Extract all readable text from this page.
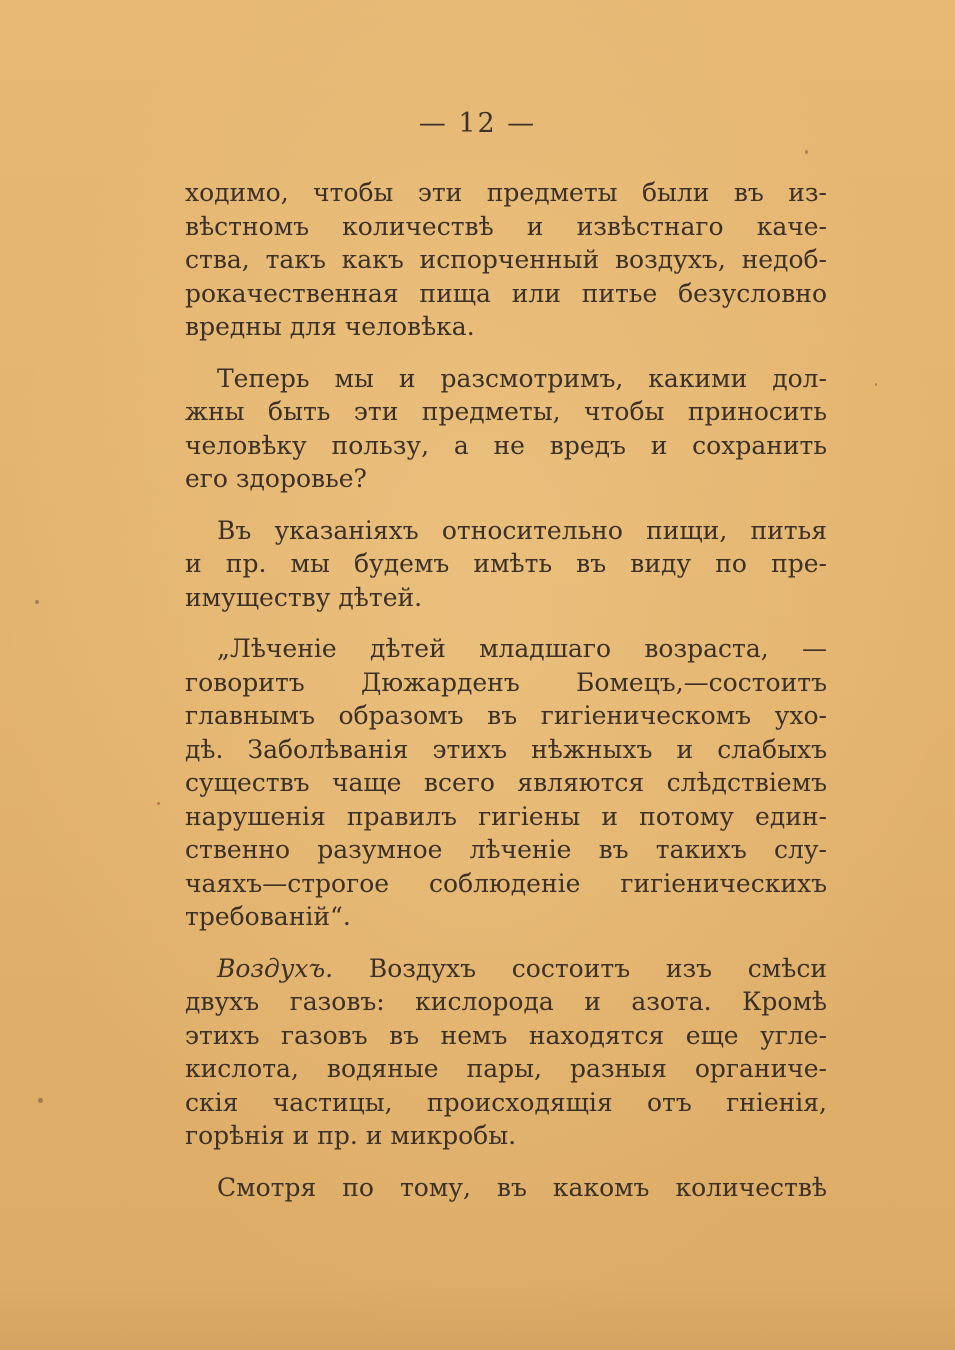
— 12 —
ходимо, чтобы эти предметы были въ из-
вѣстномъ количествѣ и извѣстнаго каче-
ства, такъ какъ испорченный воздухъ, недоб-
рокачественная пища или питье безусловно
вредны для человѣка.
Теперь мы и разсмотримъ, какими дол-
жны быть эти предметы, чтобы приносить
человѣку пользу, а не вредъ и сохранить
его здоровье?
Въ указаніяхъ относительно пищи, питья
и пр. мы будемъ имѣть въ виду по пре-
имуществу дѣтей.
„Лѣченіе дѣтей младшаго возраста, —
говоритъ Дюжарденъ Бомецъ,—состоитъ
главнымъ образомъ въ гигіеническомъ ухо-
дѣ. Заболѣванія этихъ нѣжныхъ и слабыхъ
существъ чаще всего являются слѣдствіемъ
нарушенія правилъ гигіены и потому един-
ственно разумное лѣченіе въ такихъ слу-
чаяхъ—строгое соблюденіе гигіеническихъ
требованій“.
Воздухъ. Воздухъ состоитъ изъ смѣси
двухъ газовъ: кислорода и азота. Кромѣ
этихъ газовъ въ немъ находятся еще угле-
кислота, водяные пары, разныя органиче-
скія частицы, происходящія отъ гніенія,
горѣнія и пр. и микробы.
Смотря по тому, въ какомъ количествѣ
